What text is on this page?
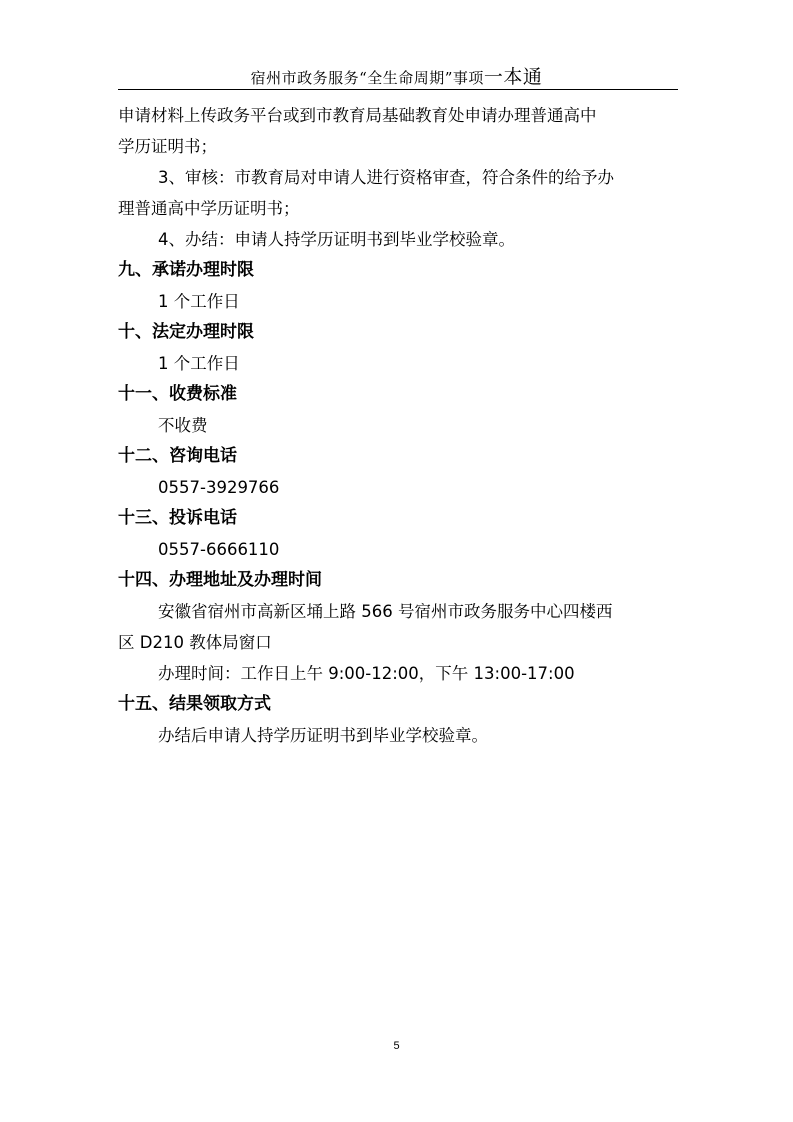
宿州市政务服务“全生命周期”事项一本通
申请材料上传政务平台或到市教育局基础教育处申请办理普通高中
学历证明书；
3、审核：市教育局对申请人进行资格审查，符合条件的给予办
理普通高中学历证明书；
4、办结：申请人持学历证明书到毕业学校验章。
九、承诺办理时限
1 个工作日
十、法定办理时限
1 个工作日
十一、收费标准
不收费
十二、咨询电话
0557-3929766
十三、投诉电话
0557-6666110
十四、办理地址及办理时间
安徽省宿州市高新区埇上路 566 号宿州市政务服务中心四楼西
区 D210 教体局窗口
办理时间：工作日上午 9:00-12:00，下午 13:00-17:00
十五、结果领取方式
办结后申请人持学历证明书到毕业学校验章。
5
